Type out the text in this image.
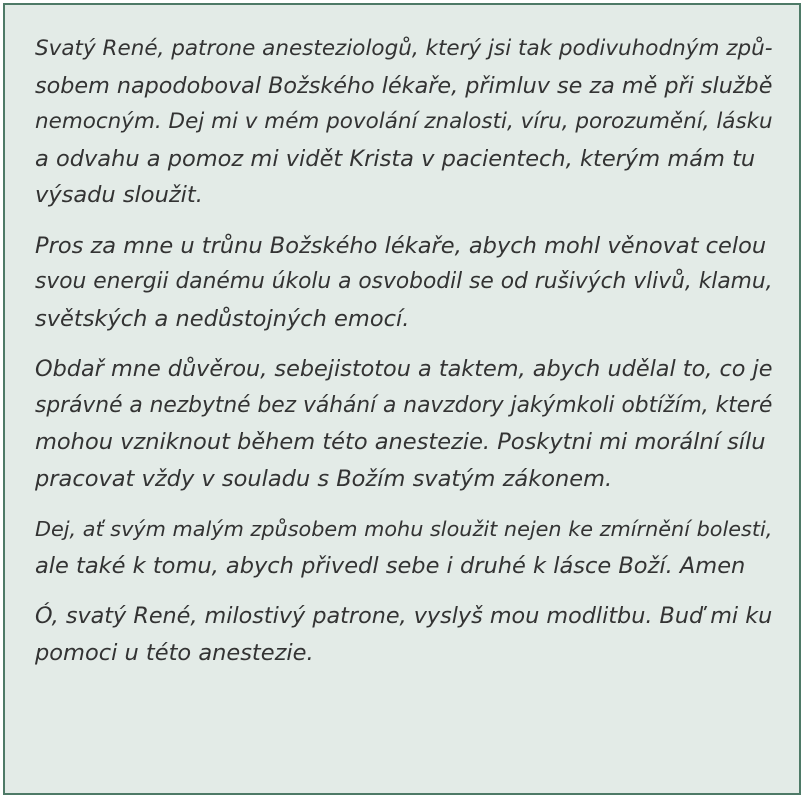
Svatý René, patrone anesteziologů, který jsi tak podivuhodným způ-
sobem napodoboval Božského lékaře, přimluv se za mě při službě
nemocným. Dej mi v mém povolání znalosti, víru, porozumění, lásku
a odvahu a pomoz mi vidět Krista v pacientech, kterým mám tu
výsadu sloužit.

Pros za mne u trůnu Božského lékaře, abych mohl věnovat celou
svou energii danému úkolu a osvobodil se od rušivých vlivů, klamu,
světských a nedůstojných emocí.

Obdař mne důvěrou, sebejistotou a taktem, abych udělal to, co je
správné a nezbytné bez váhání a navzdory jakýmkoli obtížím, které
mohou vzniknout během této anestezie. Poskytni mi morální sílu
pracovat vždy v souladu s Božím svatým zákonem.

Dej, ať svým malým způsobem mohu sloužit nejen ke zmírnění bolesti,
ale také k tomu, abych přivedl sebe i druhé k lásce Boží. Amen

Ó, svatý René, milostivý patrone, vyslyš mou modlitbu. Buď mi ku
pomoci u této anestezie.
